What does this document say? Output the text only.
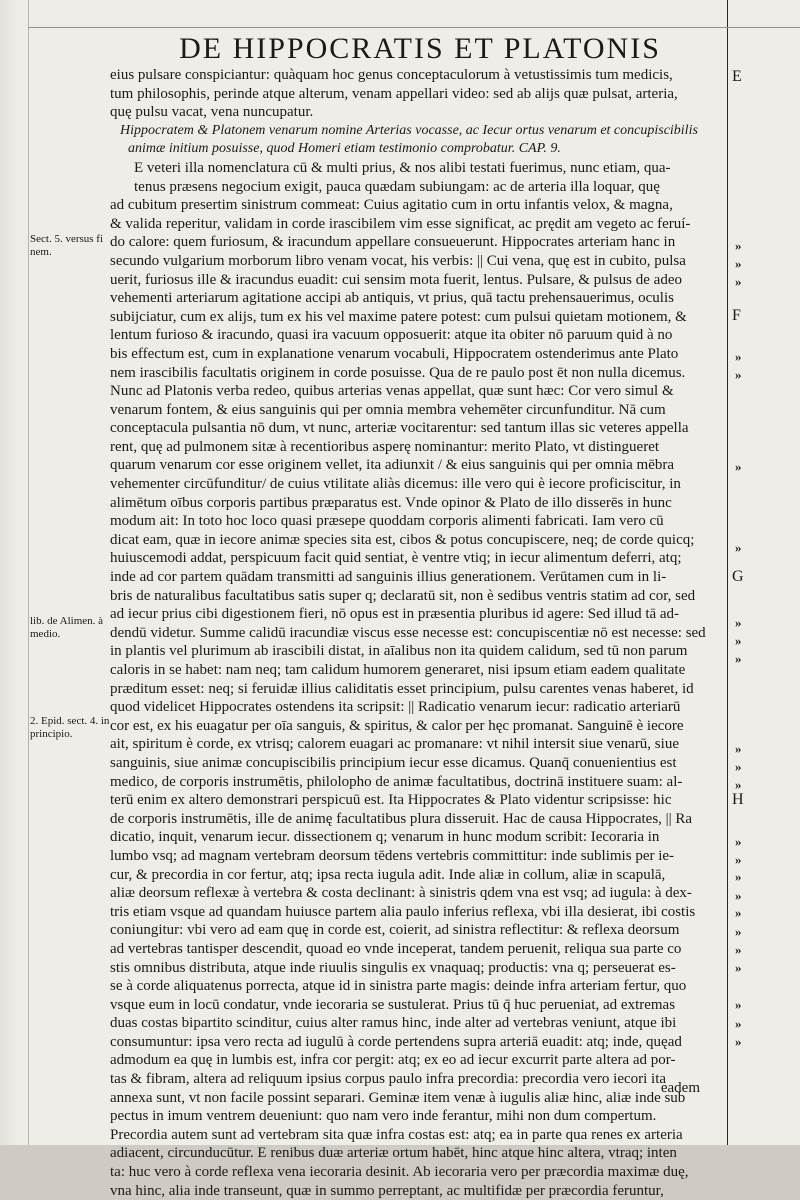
DE HIPPOCRATIS ET PLATONIS
eius pulsare conspiciantur: quàquam hoc genus conceptaculorum à vetustissimis tum medicis,
tum philosophis, perinde atque alterum, venam appellari video: sed ab alijs quæ pulsat, arteria,
quę pulsu vacat, vena nuncupatur.
Hippocratem & Platonem venarum nomine Arterias vocasse, ac Iecur ortus venarum et concupiscibilis
animæ initium posuisse, quod Homeri etiam testimonio comprobatur. CAP. 9.
E veteri illa nomenclatura cū & multi prius, & nos alibi testati fuerimus, nunc etiam, qua-
tenus præsens negocium exigit, pauca quædam subiungam: ac de arteria illa loquar, quę
ad cubitum presertim sinistrum commeat: Cuius agitatio cum in ortu infantis velox, & magna,
& valida reperitur, validam in corde irascibilem vim esse significat, ac prędit am vegeto ac feruí-
do calore: quem furiosum, & iracundum appellare consueuerunt. Hippocrates arteriam hanc in
secundo vulgarium morborum libro venam vocat, his verbis: || Cui vena, quę est in cubito, pulsa
uerit, furiosus ille & iracundus euadit: cui sensim mota fuerit, lentus. Pulsare, & pulsus de adeo
vehementi arteriarum agitatione accipi ab antiquis, vt prius, quā tactu prehensauerimus, oculis
subijciatur, cum ex alijs, tum ex his vel maxime patere potest: cum pulsui quietam motionem, &
lentum furioso & iracundo, quasi ira vacuum opposuerit: atque ita obiter nō paruum quid à no
bis effectum est, cum in explanatione venarum vocabuli, Hippocratem ostenderimus ante Plato
nem irascibilis facultatis originem in corde posuisse. Qua de re paulo post ēt non nulla dicemus.
Nunc ad Platonis verba redeo, quibus arterias venas appellat, quæ sunt hæc: Cor vero simul &
venarum fontem, & eius sanguinis qui per omnia membra vehemēter circunfunditur. Nā cum
conceptacula pulsantia nō dum, vt nunc, arteriæ vocitarentur: sed tantum illas sic veteres appella
rent, quę ad pulmonem sitæ à recentioribus asperę nominantur: merito Plato, vt distingueret
quarum venarum cor esse originem vellet, ita adiunxit / & eius sanguinis qui per omnia mēbra
vehementer circūfunditur/ de cuius vtilitate aliàs dicemus: ille vero qui è iecore proficiscitur, in
alimētum oībus corporis partibus præparatus est. Vnde opinor & Plato de illo disserēs in hunc
modum ait: In toto hoc loco quasi præsepe quoddam corporis alimenti fabricati. Iam vero cū
dicat eam, quæ in iecore animæ species sita est, cibos & potus concupiscere, neq; de corde quicq;
huiuscemodi addat, perspicuum facit quid sentiat, è ventre vtiq; in iecur alimentum deferri, atq;
inde ad cor partem quādam transmitti ad sanguinis illius generationem. Verūtamen cum in li-
bris de naturalibus facultatibus satis super q; declaratū sit, non è sedibus ventris statim ad cor, sed
ad iecur prius cibi digestionem fieri, nō opus est in præsentia pluribus id agere: Sed illud tā ad-
dendū videtur. Summe calidū iracundiæ viscus esse necesse est: concupiscentiæ nō est necesse: sed
in plantis vel plurimum ab irascibili distat, in aīalibus non ita quidem calidum, sed tū non parum
caloris in se habet: nam neq; tam calidum humorem generaret, nisi ipsum etiam eadem qualitate
præditum esset: neq; si feruidæ illius caliditatis esset principium, pulsu carentes venas haberet, id
quod videlicet Hippocrates ostendens ita scripsit: || Radicatio venarum iecur: radicatio arteriarū
cor est, ex his euagatur per oīa sanguis, & spiritus, & calor per hęc promanat. Sanguinē è iecore
ait, spiritum è corde, ex vtrisq; calorem euagari ac promanare: vt nihil intersit siue venarū, siue
sanguinis, siue animæ concupiscibilis principium iecur esse dicamus. Quanq̄ conuenientius est
medico, de corporis instrumētis, philolopho de animæ facultatibus, doctrinā instituere suam: al-
terū enim ex altero demonstrari perspicuū est. Ita Hippocrates & Plato videntur scripsisse: hic
de corporis instrumētis, ille de animę facultatibus plura disseruit. Hac de causa Hippocrates, || Ra
dicatio, inquit, venarum iecur. dissectionem q; venarum in hunc modum scribit: Iecoraria in
lumbo vsq; ad magnam vertebram deorsum tēdens vertebris committitur: inde sublimis per ie-
cur, & precordia in cor fertur, atq; ipsa recta iugula adit. Inde aliæ in collum, aliæ in scapulā,
aliæ deorsum reflexæ à vertebra & costa declinant: à sinistris qdem vna est vsq; ad iugula: à dex-
tris etiam vsque ad quandam huiusce partem alia paulo inferius reflexa, vbi illa desierat, ibi costis
coniungitur: vbi vero ad eam quę in corde est, coierit, ad sinistra reflectitur: & reflexa deorsum
ad vertebras tantisper descendit, quoad eo vnde inceperat, tandem peruenit, reliqua sua parte co
stis omnibus distributa, atque inde riuulis singulis ex vnaquaq; productis: vna q; perseuerat es-
se à corde aliquatenus porrecta, atque id in sinistra parte magis: deinde infra arteriam fertur, quo
vsque eum in locū condatur, vnde iecoraria se sustulerat. Prius tū q̄ huc perueniat, ad extremas
duas costas bipartito scinditur, cuius alter ramus hinc, inde alter ad vertebras veniunt, atque ibi
consumuntur: ipsa vero recta ad iugulū à corde pertendens supra arteriā euadit: atq; inde, quęad
admodum ea quę in lumbis est, infra cor pergit: atq; ex eo ad iecur excurrit parte altera ad por-
tas & fibram, altera ad reliquum ipsius corpus paulo infra precordia: precordia vero iecori ita
annexa sunt, vt non facile possint separari. Geminæ item venæ à iugulis aliæ hinc, aliæ inde sub
pectus in imum ventrem deueniunt: quo nam vero inde ferantur, mihi non dum compertum.
Precordia autem sunt ad vertebram sita quæ infra costas est: atq; ea in parte qua renes ex arteria
adiacent, circunducūtur. E renibus duæ arteriæ ortum habēt, hinc atque hinc altera, vtraq; inten
ta: huc vero à corde reflexa vena iecoraria desinit. Ab iecoraria vero per præcordia maximæ duę,
vna hinc, alia inde transeunt, quæ in summo perreptant, ac multifidæ per præcordia feruntur,
eadem
Sect. 5. versus fi nem.
lib. de Alimen. à medio.
2. Epid. sect. 4. in principio.
E
F
G
H
»
»
»
»
»
»
»
»
»
»
»
»
»
»
»
»
»
»
»
»
»
»
»
»
